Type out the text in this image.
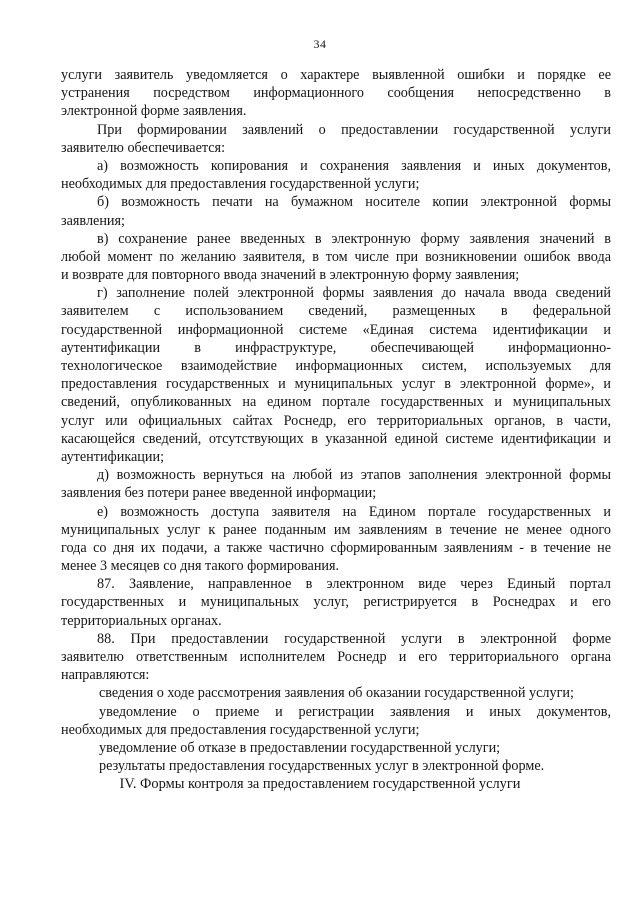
34
услуги заявитель уведомляется о характере выявленной ошибки и порядке ее
устранения посредством информационного сообщения непосредственно в
электронной форме заявления.
При формировании заявлений о предоставлении государственной услуги
заявителю обеспечивается:
а) возможность копирования и сохранения заявления и иных документов,
необходимых для предоставления государственной услуги;
б) возможность печати на бумажном носителе копии электронной формы
заявления;
в) сохранение ранее введенных в электронную форму заявления значений в
любой момент по желанию заявителя, в том числе при возникновении ошибок ввода
и возврате для повторного ввода значений в электронную форму заявления;
г) заполнение полей электронной формы заявления до начала ввода сведений
заявителем с использованием сведений, размещенных в федеральной
государственной информационной системе «Единая система идентификации и
аутентификации в инфраструктуре, обеспечивающей информационно-
технологическое взаимодействие информационных систем, используемых для
предоставления государственных и муниципальных услуг в электронной форме», и
сведений, опубликованных на едином портале государственных и муниципальных
услуг или официальных сайтах Роснедр, его территориальных органов, в части,
касающейся сведений, отсутствующих в указанной единой системе идентификации и
аутентификации;
д) возможность вернуться на любой из этапов заполнения электронной формы
заявления без потери ранее введенной информации;
е) возможность доступа заявителя на Едином портале государственных и
муниципальных услуг к ранее поданным им заявлениям в течение не менее одного
года со дня их подачи, а также частично сформированным заявлениям - в течение не
менее 3 месяцев со дня такого формирования.
87. Заявление, направленное в электронном виде через Единый портал
государственных и муниципальных услуг, регистрируется в Роснедрах и его
территориальных органах.
88. При предоставлении государственной услуги в электронной форме
заявителю ответственным исполнителем Роснедр и его территориального органа
направляются:
сведения о ходе рассмотрения заявления об оказании государственной услуги;
уведомление о приеме и регистрации заявления и иных документов,
необходимых для предоставления государственной услуги;
уведомление об отказе в предоставлении государственной услуги;
результаты предоставления государственных услуг в электронной форме.
IV. Формы контроля за предоставлением государственной услуги
